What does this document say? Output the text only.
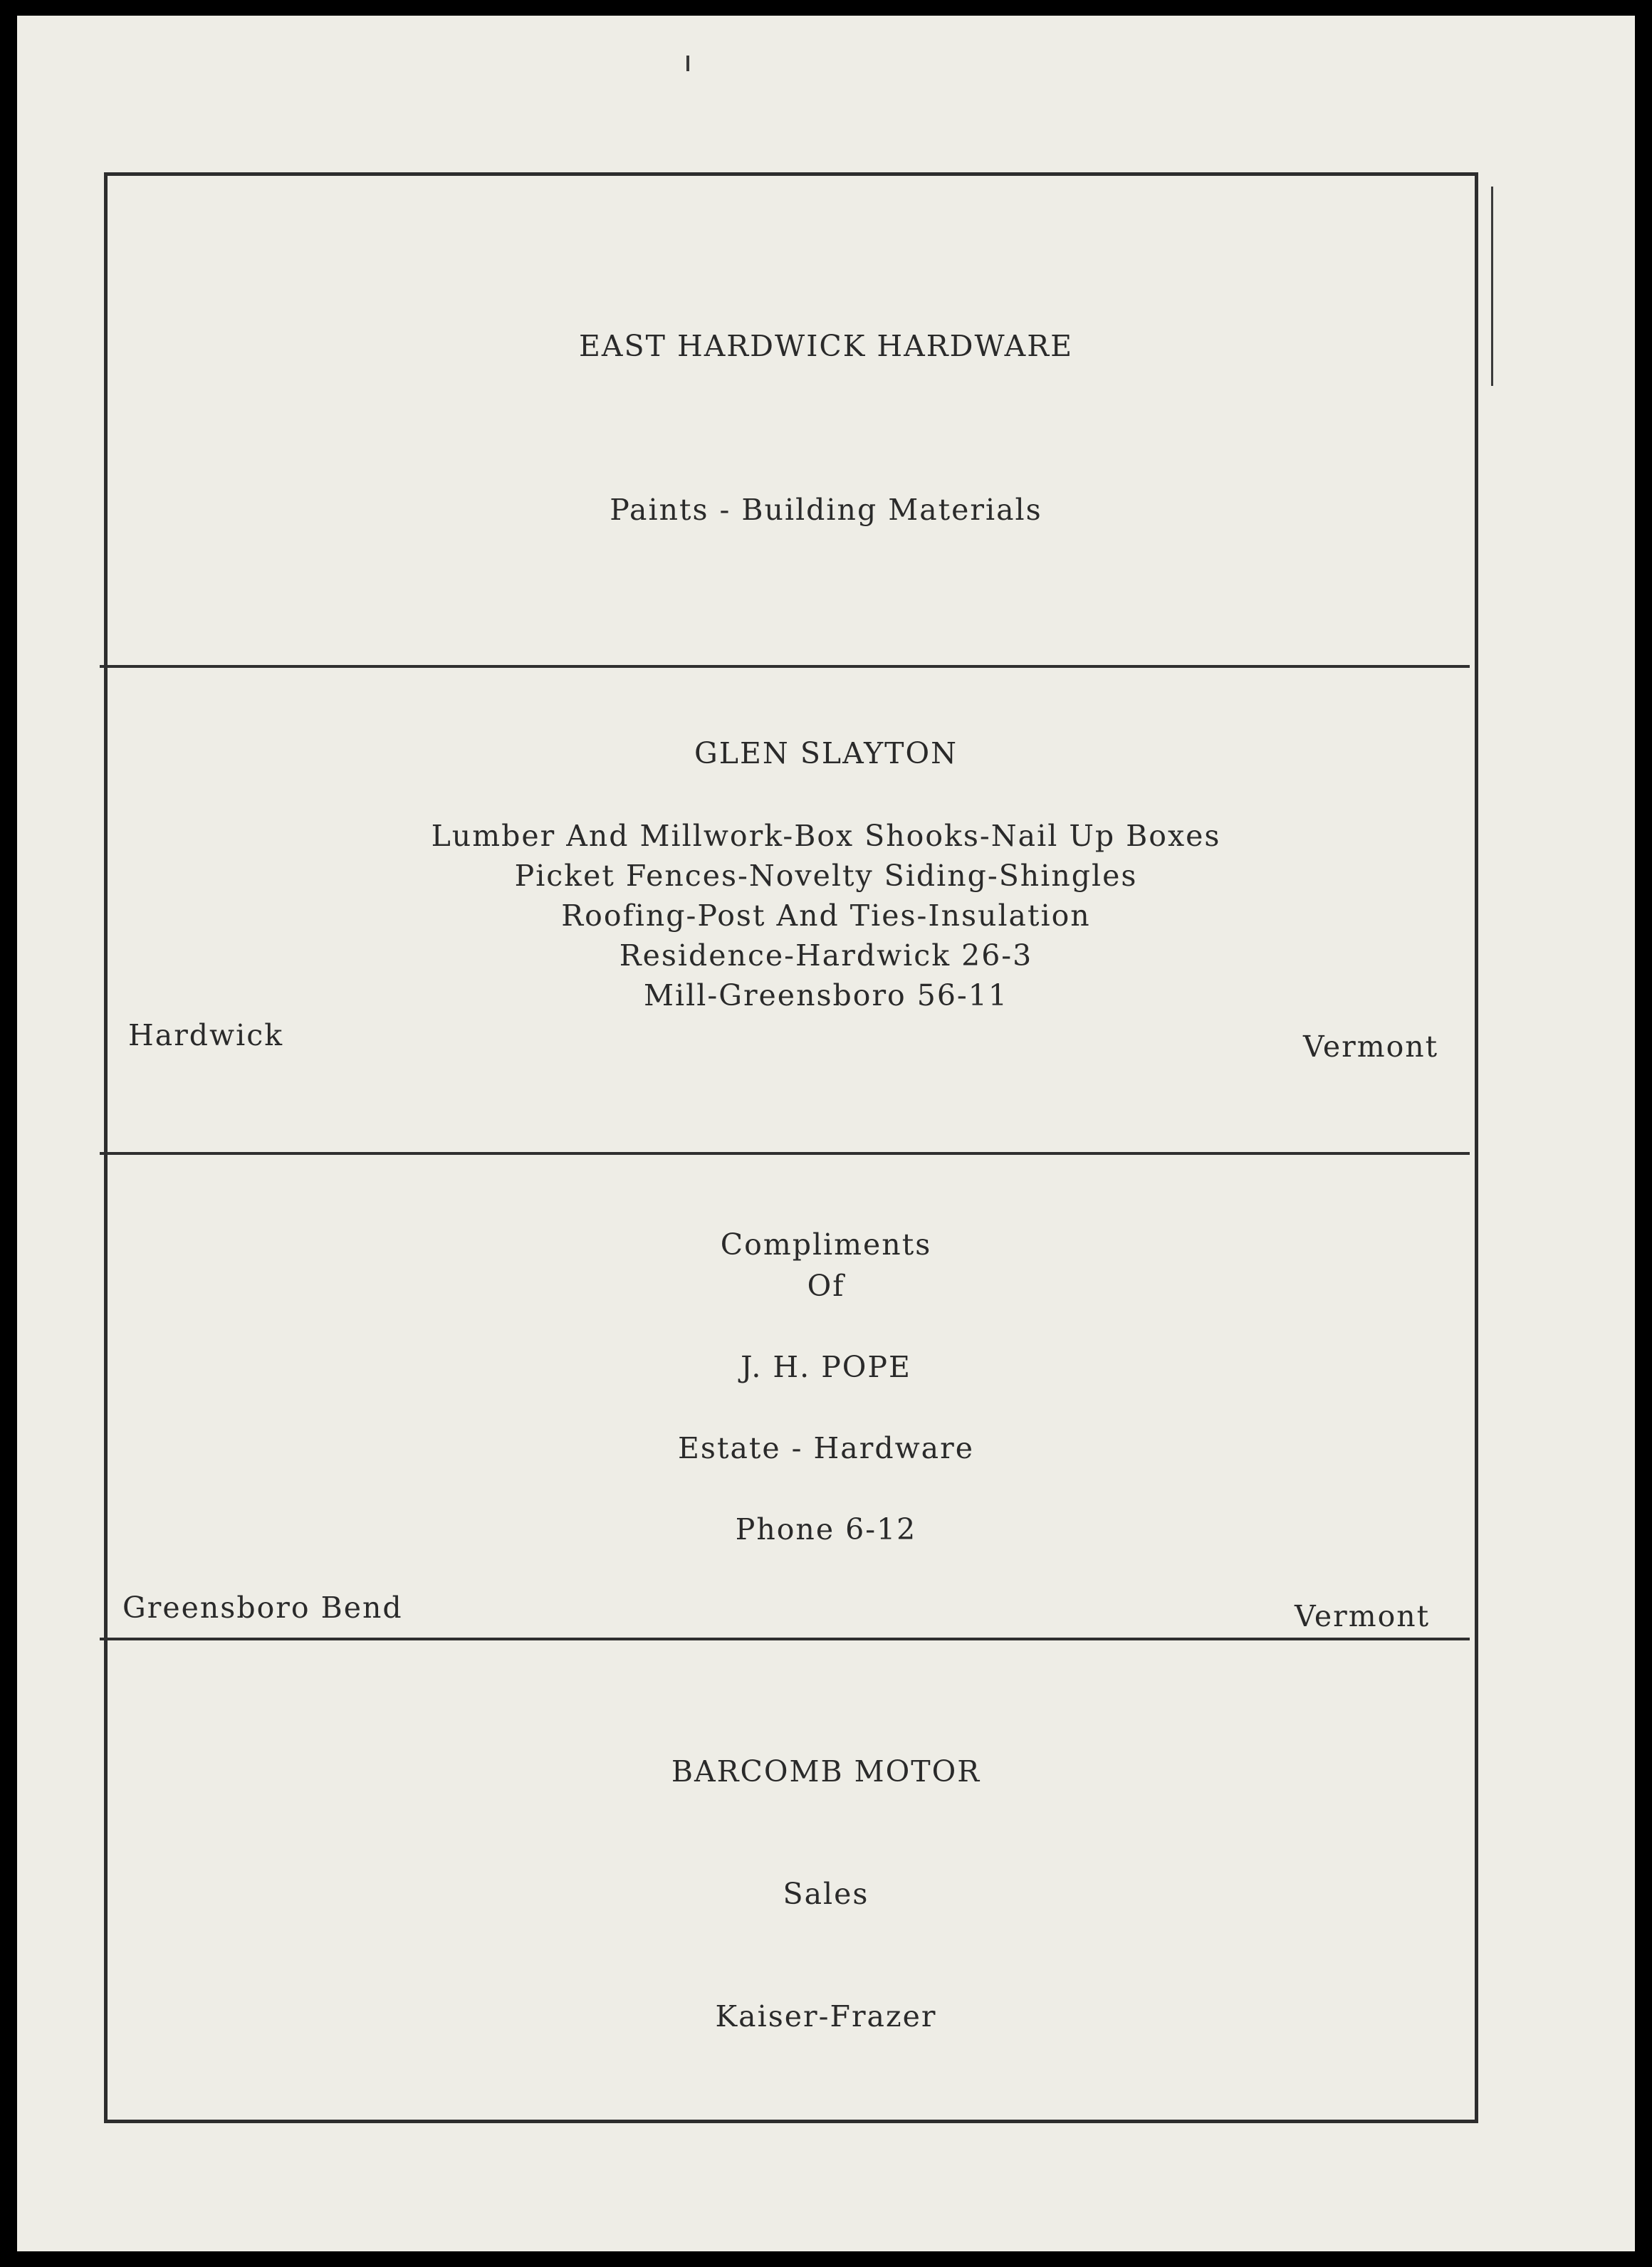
EAST HARDWICK HARDWARE
Paints - Building Materials
GLEN SLAYTON
Lumber And Millwork-Box Shooks-Nail Up Boxes
Picket Fences-Novelty Siding-Shingles
Roofing-Post And Ties-Insulation
Residence-Hardwick 26-3
Mill-Greensboro 56-11
Hardwick	Vermont
Compliments
Of
J. H. POPE
Estate - Hardware
Phone 6-12
Greensboro Bend	Vermont
BARCOMB MOTOR
Sales
Kaiser-Frazer
